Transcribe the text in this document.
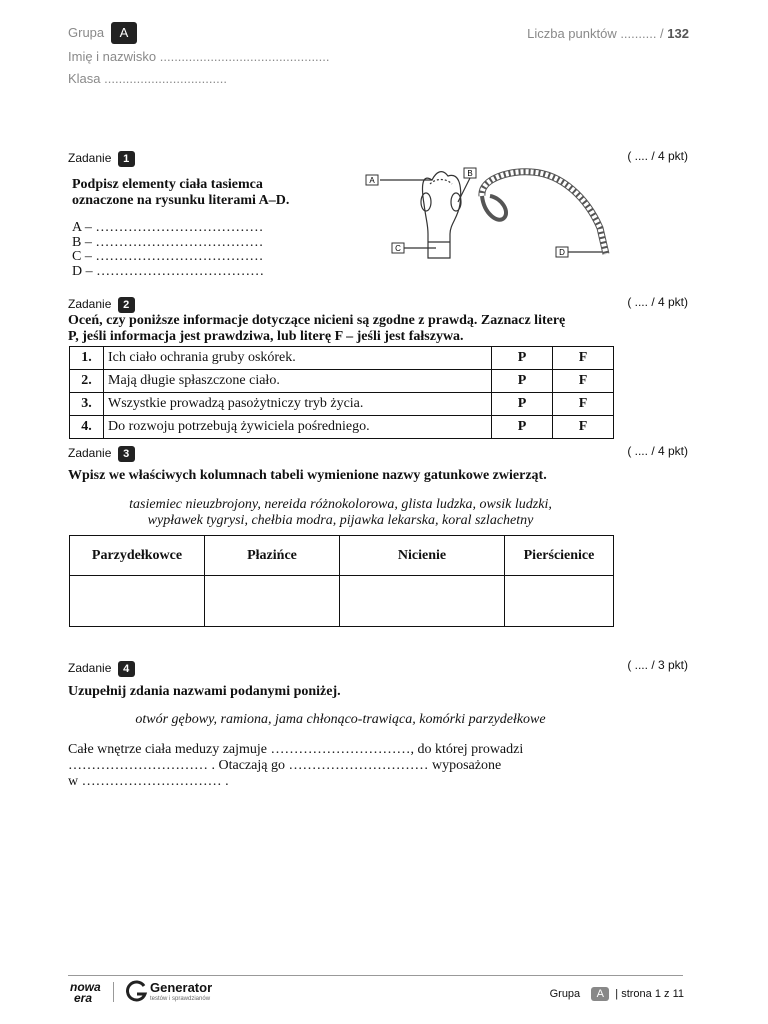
Grupa	A
Imię i nazwisko ...............................................
Klasa ..................................
Liczba punktów .......... / 132
Zadanie 1	( .... / 4 pkt)
Podpisz elementy ciała tasiemca
oznaczone na rysunku literami A–D.
A – ………………………………
B – ………………………………
C – ………………………………
D – ………………………………
A
B
C	D
Zadanie 2	( .... / 4 pkt)
Oceń, czy poniższe informacje dotyczące nicieni są zgodne z prawdą. Zaznacz literę
P, jeśli informacja jest prawdziwa, lub literę F – jeśli jest fałszywa.
1.	Ich ciało ochrania gruby oskórek.	P	F
2.	Mają długie spłaszczone ciało.	P	F
3.	Wszystkie prowadzą pasożytniczy tryb życia.	P	F
4.	Do rozwoju potrzebują żywiciela pośredniego.	P	F
Zadanie 3	( .... / 4 pkt)
Wpisz we właściwych kolumnach tabeli wymienione nazwy gatunkowe zwierząt.
tasiemiec nieuzbrojony, nereida różnokolorowa, glista ludzka, owsik ludzki,
wypławek tygrysi, chełbia modra, pijawka lekarska, koral szlachetny
Parzydełkowce	Płazińce	Nicienie	Pierścienice

Zadanie 4	( .... / 3 pkt)
Uzupełnij zdania nazwami podanymi poniżej.
otwór gębowy, ramiona, jama chłonąco-trawiąca, komórki parzydełkowe
Całe wnętrze ciała meduzy zajmuje …………………………, do której prowadzi
………………………… . Otaczają go ………………………… wyposażone
w ………………………… .
nowa
era
Generator
testów i sprawdzianów	Grupa A | strona 1 z 11
